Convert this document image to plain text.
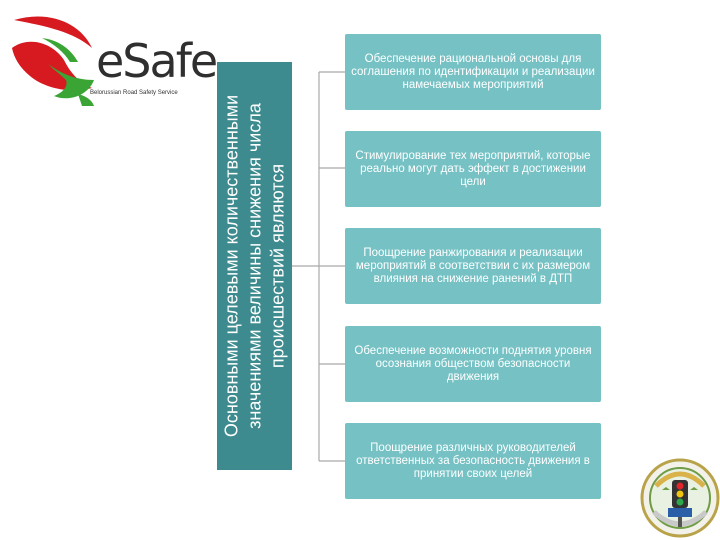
eSafe
Belorussian Road Safety Service
Основными целевыми количественными значениями величины снижения числа происшествий являются
Обеспечение рациональной основы для соглашения по идентификации и реализации намечаемых мероприятий
Стимулирование тех мероприятий, которые реально могут дать эффект в достижении цели
Поощрение ранжирования и реализации мероприятий в соответствии с их размером влияния на снижение ранений в ДТП
Обеспечение возможности поднятия уровня осознания обществом безопасности движения
Поощрение различных руководителей ответственных за безопасность движения в принятии своих целей
